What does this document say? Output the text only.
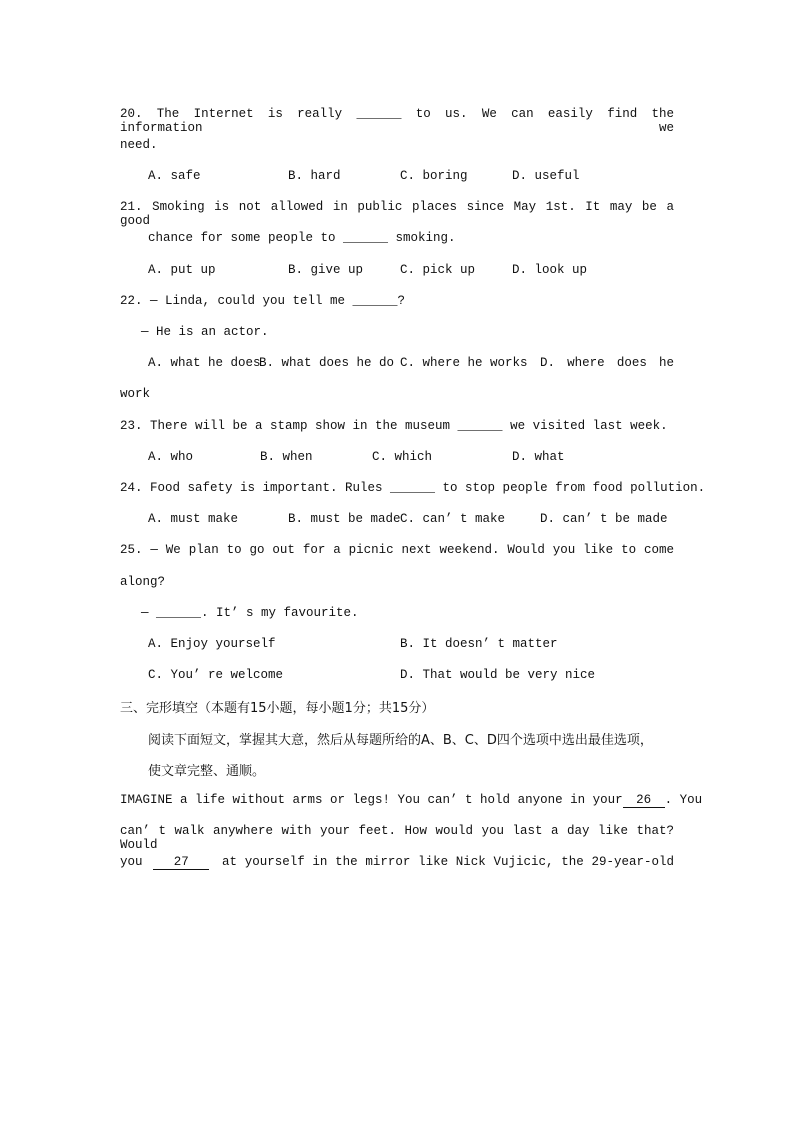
20. The Internet is really ______ to us. We can easily find the information we
need.
A. safe	B. hard	C. boring	D. useful
21. Smoking is not allowed in public places since May 1st. It may be a good
chance for some people to ______ smoking.
A. put up	B. give up	C. pick up	D. look up
22. — Linda, could you tell me ______?
— He is an actor.
A. what he does
B. what does he do C. where he works D. where does he
work
23. There will be a stamp show in the museum ______ we visited last week.
A. who	B. when	C. which	D. what
24. Food safety is important. Rules ______ to stop people from food pollution.
A. must make	B. must be made C. can’ t make	D. can’ t be made
25. — We plan to go out for a picnic next weekend. Would you like to come
along?
— ______. It’ s my favourite.
A. Enjoy yourself	B. It doesn’ t matter
C. You’ re welcome	D. That would be very nice
三、完形填空（本题有15小题，每小题1分；共15分）
阅读下面短文，掌握其大意，然后从每题所给的A、B、C、D四个选项中选出最佳选项，
使文章完整、通顺。
IMAGINE a life without arms or legs! You can’ t hold anyone in your	26 . You
can’ t walk anywhere with your feet. How would you last a day like that? Would
you	27	at yourself in the mirror like Nick Vujicic, the 29-year-old
